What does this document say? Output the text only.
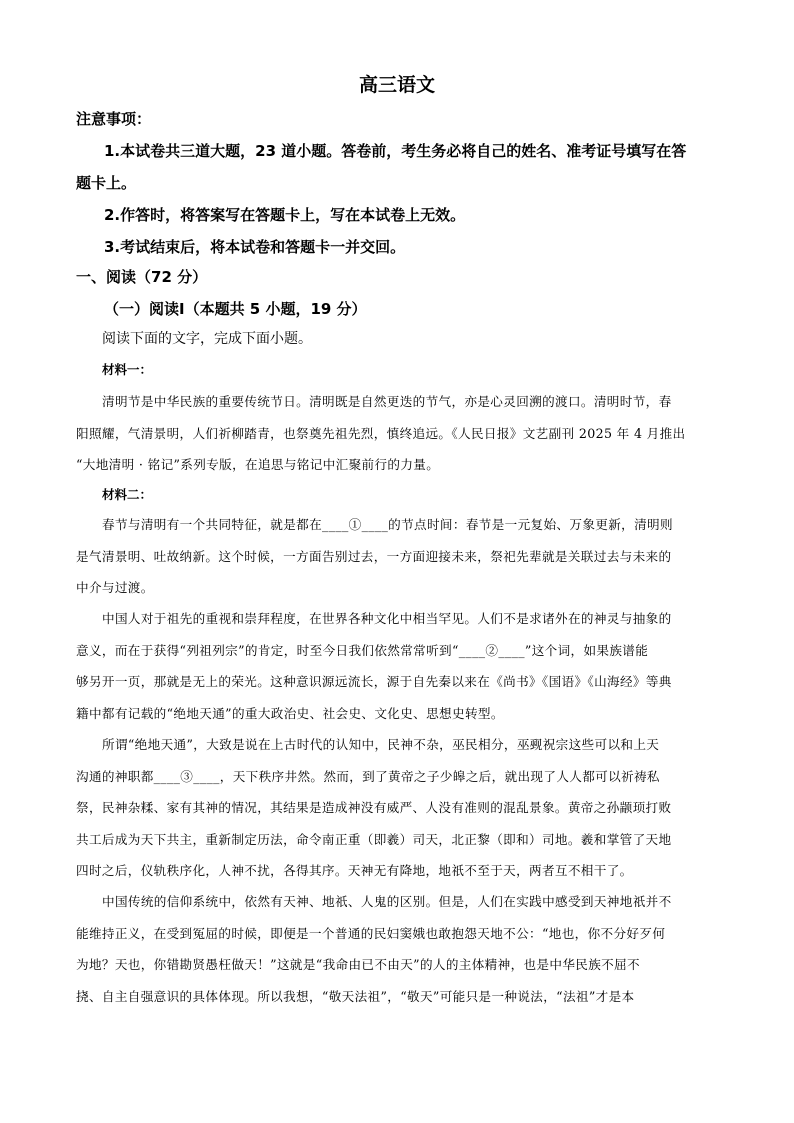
高三语文
注意事项：
1.本试卷共三道大题，23 道小题。答卷前，考生务必将自己的姓名、准考证号填写在答
题卡上。
2.作答时，将答案写在答题卡上，写在本试卷上无效。
3.考试结束后，将本试卷和答题卡一并交回。
一、阅读（72 分）
（一）阅读Ⅰ（本题共 5 小题，19 分）
阅读下面的文字，完成下面小题。
材料一：
清明节是中华民族的重要传统节日。清明既是自然更迭的节气，亦是心灵回溯的渡口。清明时节，春
阳照耀，气清景明，人们祈柳踏青，也祭奠先祖先烈，慎终追远。《人民日报》文艺副刊 2025 年 4 月推出
“大地清明 · 铭记”系列专版，在追思与铭记中汇聚前行的力量。
材料二：
春节与清明有一个共同特征，就是都在____①____的节点时间：春节是一元复始、万象更新，清明则
是气清景明、吐故纳新。这个时候，一方面告别过去，一方面迎接未来，祭祀先辈就是关联过去与未来的
中介与过渡。
中国人对于祖先的重视和崇拜程度，在世界各种文化中相当罕见。人们不是求诸外在的神灵与抽象的
意义，而在于获得“列祖列宗”的肯定，时至今日我们依然常常听到“____②____”这个词，如果族谱能
够另开一页，那就是无上的荣光。这种意识源远流长，源于自先秦以来在《尚书》《国语》《山海经》等典
籍中都有记载的“绝地天通”的重大政治史、社会史、文化史、思想史转型。
所谓“绝地天通”，大致是说在上古时代的认知中，民神不杂，巫民相分，巫觋祝宗这些可以和上天
沟通的神职都____③____，天下秩序井然。然而，到了黄帝之子少皞之后，就出现了人人都可以祈祷私
祭，民神杂糅、家有其神的情况，其结果是造成神没有威严、人没有准则的混乱景象。黄帝之孙颛顼打败
共工后成为天下共主，重新制定历法，命令南正重（即羲）司天，北正黎（即和）司地。羲和掌管了天地
四时之后，仪轨秩序化，人神不扰，各得其序。天神无有降地，地祇不至于天，两者互不相干了。
中国传统的信仰系统中，依然有天神、地祇、人鬼的区别。但是，人们在实践中感受到天神地祇并不
能维持正义，在受到冤屈的时候，即便是一个普通的民妇窦娥也敢抱怨天地不公：“地也，你不分好歹何
为地？天也，你错勘贤愚枉做天！”这就是“我命由已不由天”的人的主体精神，也是中华民族不屈不
挠、自主自强意识的具体体现。所以我想，“敬天法祖”，“敬天”可能只是一种说法，“法祖”才是本
